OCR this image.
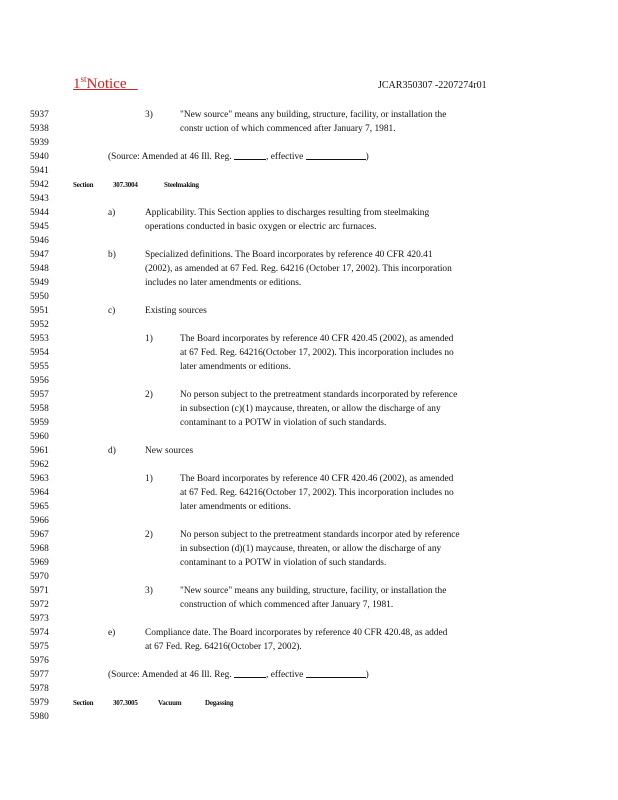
1stNotice	JCAR350307 -2207274r01
5937
5938
5939
5940
5941
5942
5943
5944
5945
5946
5947
5948
5949
5950
5951
5952
5953
5954
5955
5956
5957
5958
5959
5960
5961
5962
5963
5964
5965
5966
5967
5968
5969
5970
5971
5972
5973
5974
5975
5976
5977
5978
5979
5980
3)	"New source" means any building, structure, facility, or installation the
constr uction of which commenced after January 7, 1981.
(Source: Amended at 46 Ill. Reg.	, effective	)
Section	307.3004	Steelmaking
a)	Applicability. This Section applies to discharges resulting from steelmaking
operations conducted in basic oxygen or electric arc furnaces.
b)	Specialized definitions. The Board incorporates by reference 40 CFR 420.41
(2002), as amended at 67 Fed. Reg. 64216 (October 17, 2002). This incorporation
includes no later amendments or editions.
c)	Existing sources
1)	The Board incorporates by reference 40 CFR 420.45 (2002), as amended
at 67 Fed. Reg. 64216(October 17, 2002). This incorporation includes no
later amendments or editions.
2)	No person subject to the pretreatment standards incorporated by reference
in subsection (c)(1) maycause, threaten, or allow the discharge of any
contaminant to a POTW in violation of such standards.
d)	New sources
1)	The Board incorporates by reference 40 CFR 420.46 (2002), as amended
at 67 Fed. Reg. 64216(October 17, 2002). This incorporation includes no
later amendments or editions.
2)	No person subject to the pretreatment standards incorpor ated by reference
in subsection (d)(1) maycause, threaten, or allow the discharge of any
contaminant to a POTW in violation of such standards.
3)	"New source" means any building, structure, facility, or installation the
construction of which commenced after January 7, 1981.
e)	Compliance date. The Board incorporates by reference 40 CFR 420.48, as added
at 67 Fed. Reg. 64216(October 17, 2002).
(Source: Amended at 46 Ill. Reg.	, effective	)
Section	307.3005	Vacuum	Degassing
